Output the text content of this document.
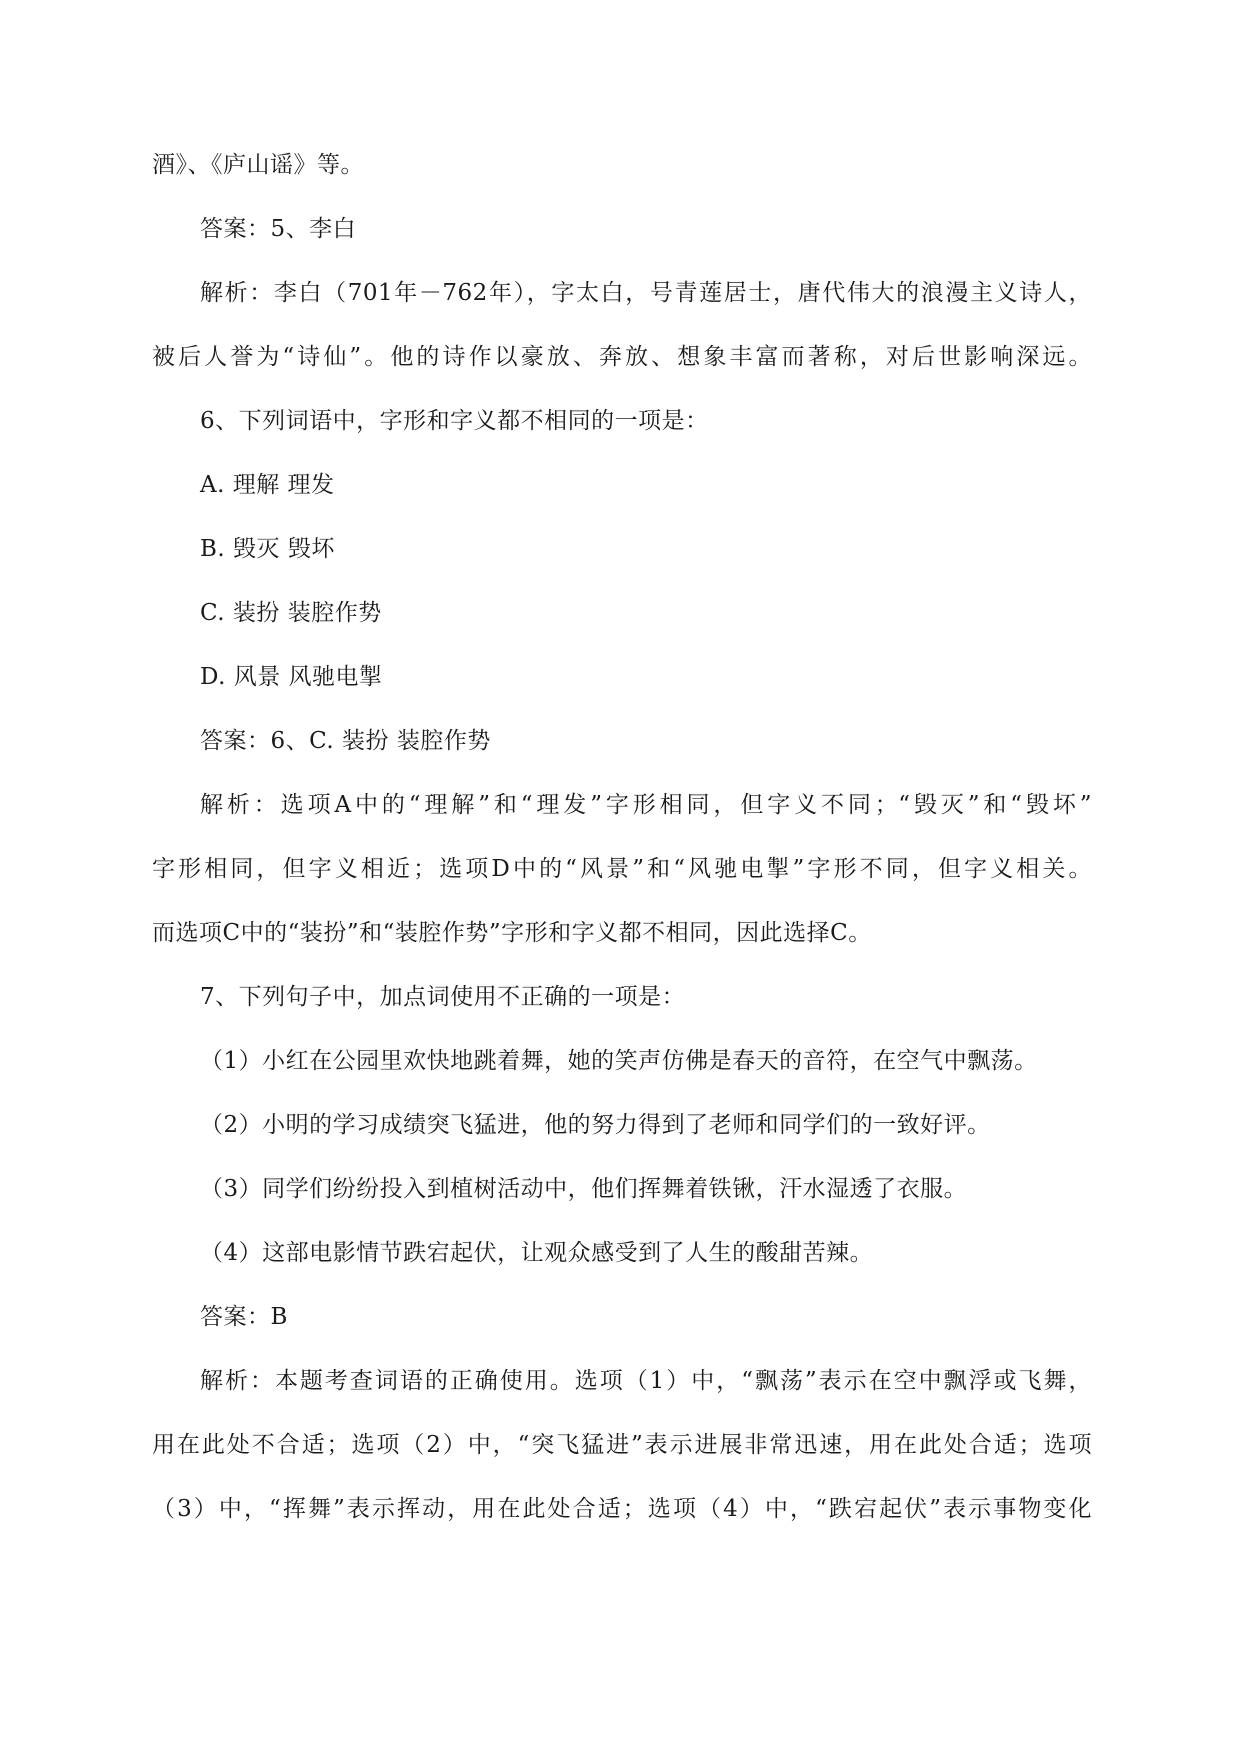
酒》、《庐山谣》等。
答案：5、李白
解析：李白（701年－762年），字太白，号青莲居士，唐代伟大的浪漫主义诗人，
被后人誉为“诗仙”。他的诗作以豪放、奔放、想象丰富而著称，对后世影响深远。
6、下列词语中，字形和字义都不相同的一项是：
A. 理解 理发
B. 毁灭 毁坏
C. 装扮 装腔作势
D. 风景 风驰电掣
答案：6、C. 装扮 装腔作势
解析：选项A中的“理解”和“理发”字形相同，但字义不同；“毁灭”和“毁坏”
字形相同，但字义相近；选项D中的“风景”和“风驰电掣”字形不同，但字义相关。
而选项C中的“装扮”和“装腔作势”字形和字义都不相同，因此选择C。
7、下列句子中，加点词使用不正确的一项是：
（1）小红在公园里欢快地跳着舞，她的笑声仿佛是春天的音符，在空气中飘荡。
（2）小明的学习成绩突飞猛进，他的努力得到了老师和同学们的一致好评。
（3）同学们纷纷投入到植树活动中，他们挥舞着铁锹，汗水湿透了衣服。
（4）这部电影情节跌宕起伏，让观众感受到了人生的酸甜苦辣。
答案：B
解析：本题考查词语的正确使用。选项（1）中，“飘荡”表示在空中飘浮或飞舞，
用在此处不合适；选项（2）中，“突飞猛进”表示进展非常迅速，用在此处合适；选项
（3）中，“挥舞”表示挥动，用在此处合适；选项（4）中，“跌宕起伏”表示事物变化
